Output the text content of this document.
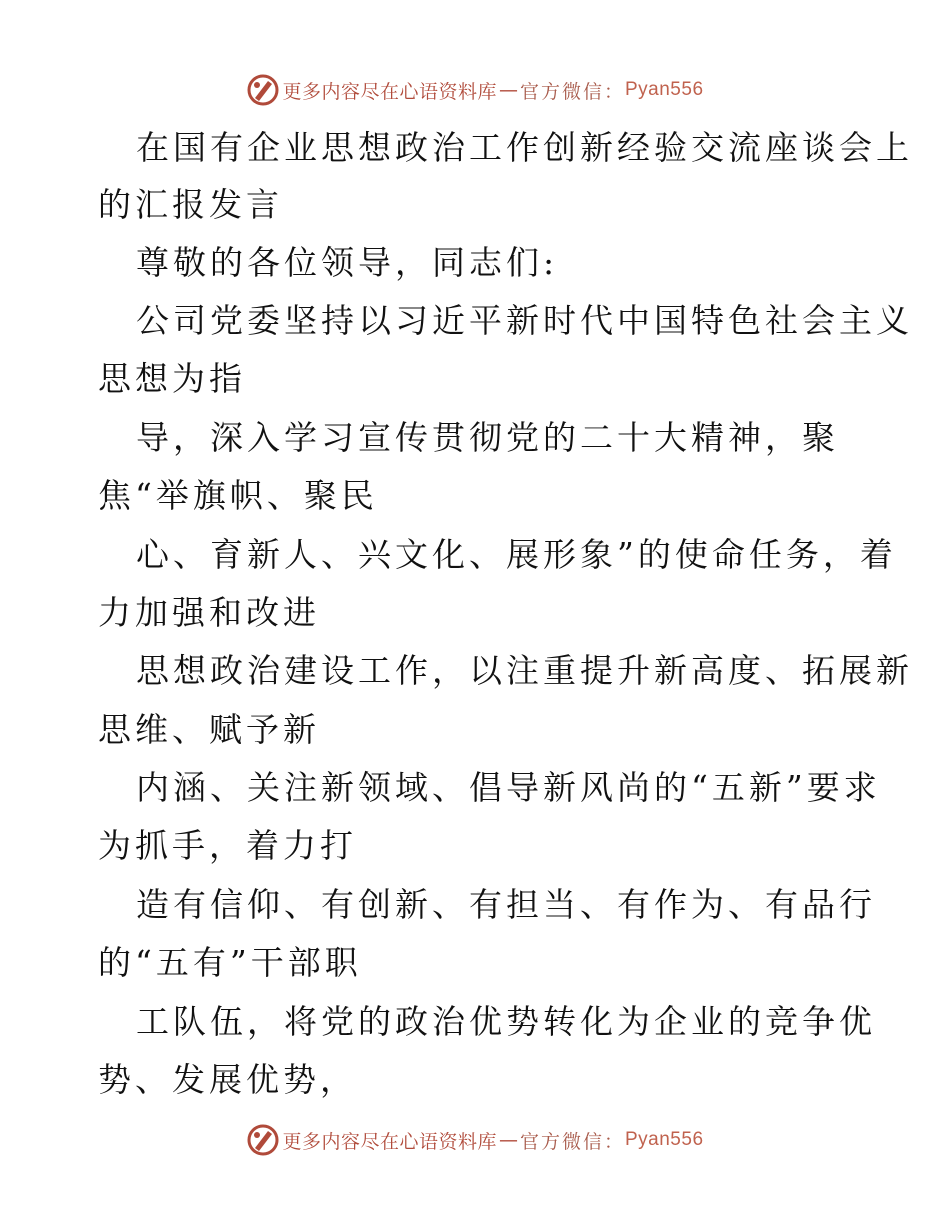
更多内容尽在心语资料库 — 官方微信： Pyan556
在国有企业思想政治工作创新经验交流座谈会上
的汇报发言
尊敬的各位领导，同志们:
公司党委坚持以习近平新时代中国特色社会主义
思想为指
导，深入学习宣传贯彻党的二十大精神，聚
焦“举旗帜、聚民
心、育新人、兴文化、展形象”的使命任务，着
力加强和改进
思想政治建设工作，以注重提升新高度、拓展新
思维、赋予新
内涵、关注新领域、倡导新风尚的“五新”要求
为抓手，着力打
造有信仰、有创新、有担当、有作为、有品行
的“五有”干部职
工队伍，将党的政治优势转化为企业的竞争优
势、发展优势，
更多内容尽在心语资料库 — 官方微信： Pyan556
